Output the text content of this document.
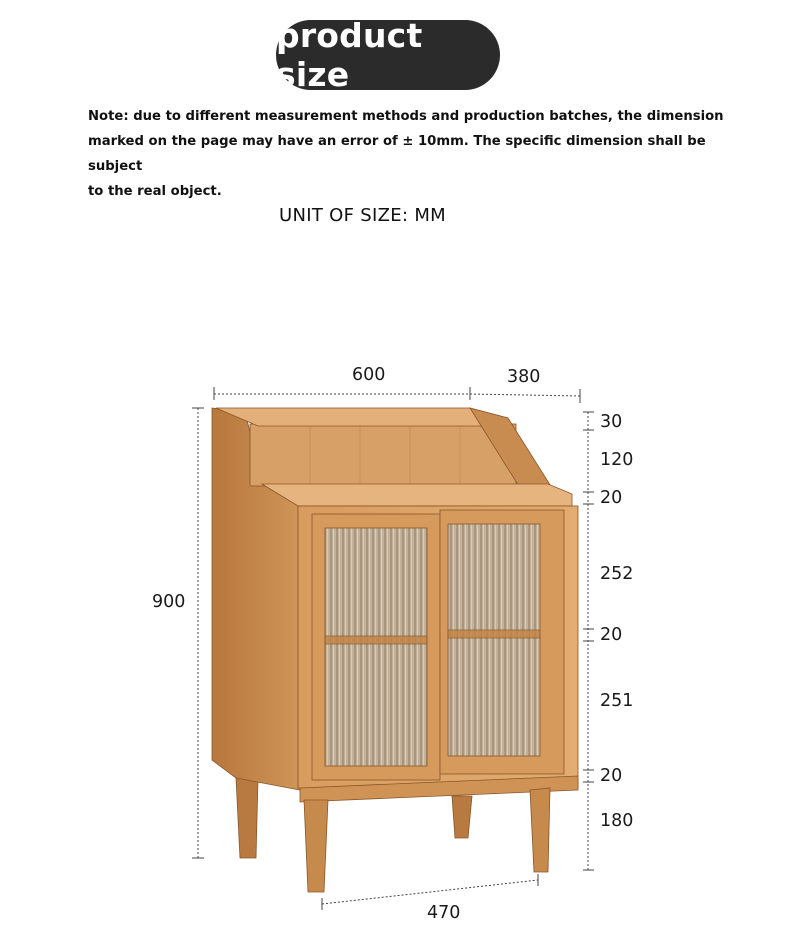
product size
Note: due to different measurement methods and production batches, the dimension
marked on the page may have an error of ± 10mm. The specific dimension shall be subject
to the real object.
UNIT OF SIZE: MM
600	380
900
470
30
120
20
252
20
251
20
180
